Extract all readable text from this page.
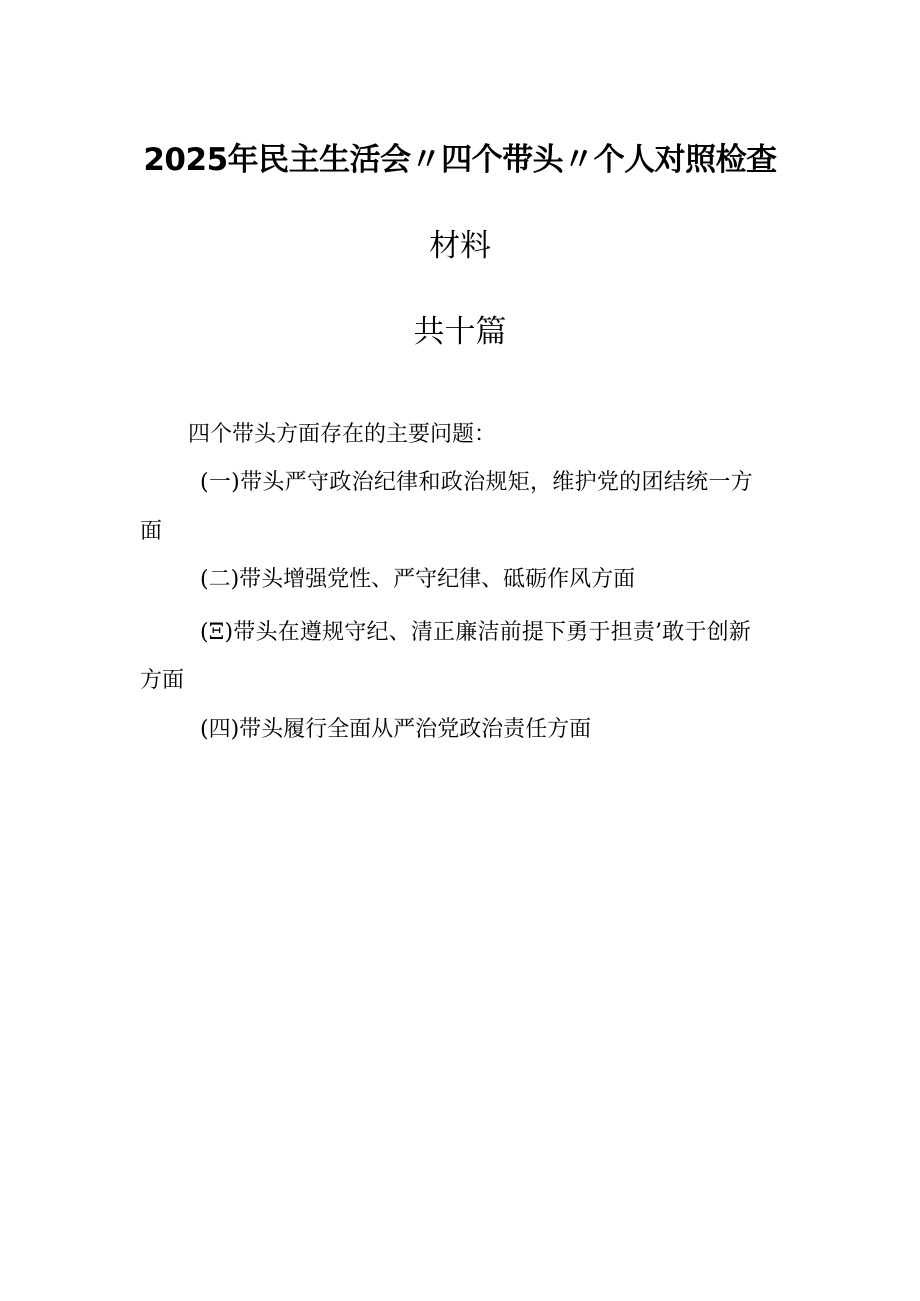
2025年民主生活会〃四个带头〃个人对照检查
材料
共十篇
四个带头方面存在的主要问题：
(一)带头严守政治纪律和政治规矩，维护党的团结统一方
面
(二)带头增强党性、严守纪律、砥砺作风方面
(Ξ)带头在遵规守纪、清正廉洁前提下勇于担责’敢于创新
方面
(四)带头履行全面从严治党政治责任方面
